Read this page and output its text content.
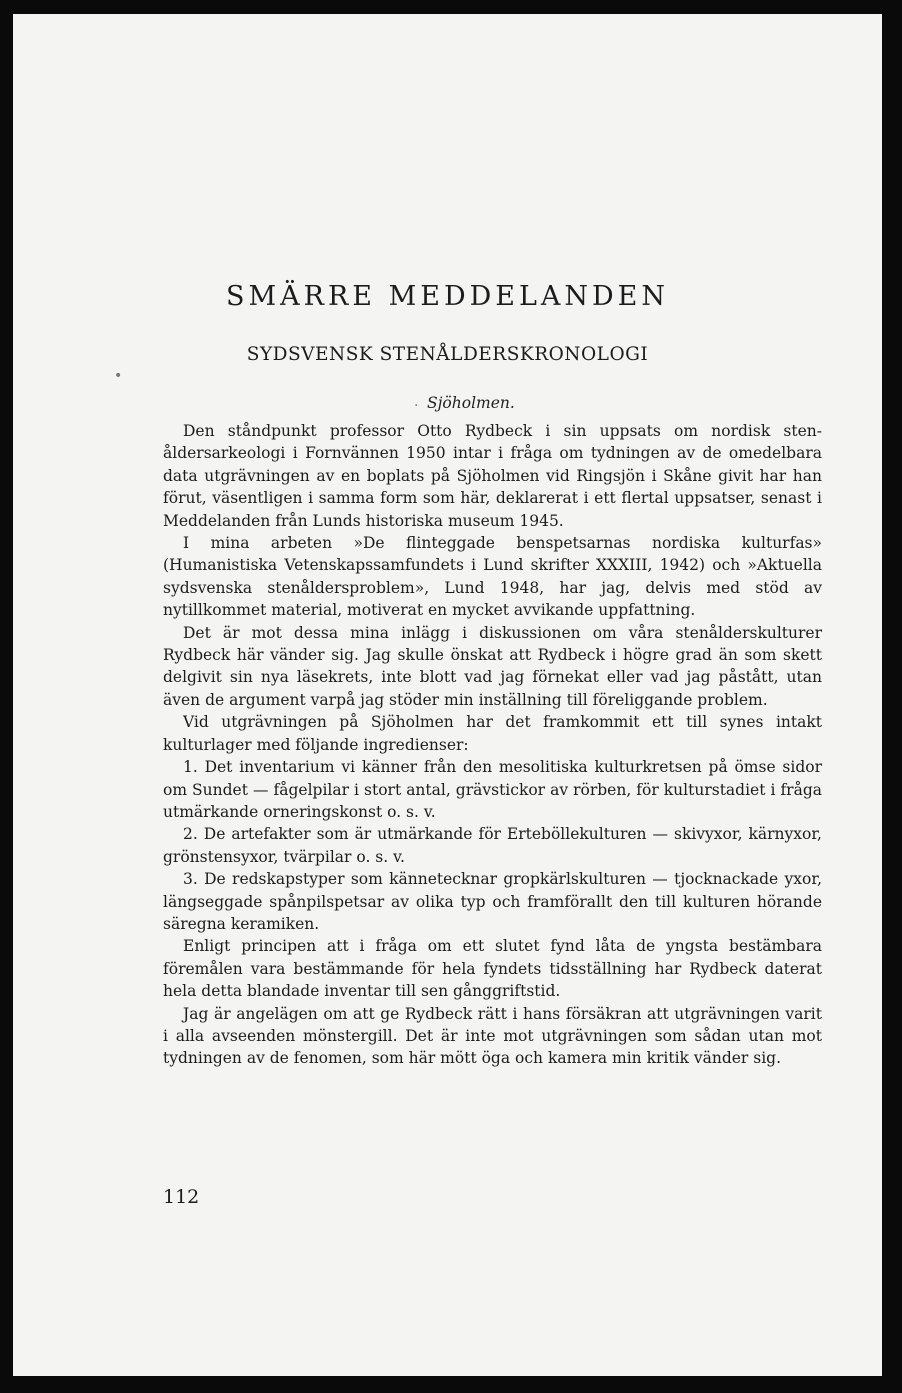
•
.
SMÄRRE MEDDELANDEN
SYDSVENSK STENÅLDERSKRONOLOGI
Sjöholmen.

Den ståndpunkt professor Otto Rydbeck i sin uppsats om nordisk stenåldersarkeologi i Fornvännen 1950 intar i fråga om tydningen av de omedelbara data utgrävningen av en boplats på Sjöholmen vid Ringsjön i Skåne givit har han förut, väsentligen i samma form som här, deklarerat i ett flertal uppsatser, senast i Meddelanden från Lunds historiska museum 1945.

I mina arbeten »De flinteggade benspetsarnas nordiska kulturfas» (Humanistiska Vetenskapssamfundets i Lund skrifter XXXIII, 1942) och »Aktuella sydsvenska stenåldersproblem», Lund 1948, har jag, delvis med stöd av nytillkommet material, motiverat en mycket avvikande uppfattning.

Det är mot dessa mina inlägg i diskussionen om våra stenålderskulturer Rydbeck här vänder sig. Jag skulle önskat att Rydbeck i högre grad än som skett delgivit sin nya läsekrets, inte blott vad jag förnekat eller vad jag påstått, utan även de argument varpå jag stöder min inställning till föreliggande problem.

Vid utgrävningen på Sjöholmen har det framkommit ett till synes intakt kulturlager med följande ingredienser:

1. Det inventarium vi känner från den mesolitiska kulturkretsen på ömse sidor om Sundet — fågelpilar i stort antal, grävstickor av rörben, för kulturstadiet i fråga utmärkande orneringskonst o. s. v.

2. De artefakter som är utmärkande för Erteböllekulturen — skivyxor, kärnyxor, grönstensyxor, tvärpilar o. s. v.

3. De redskapstyper som kännetecknar gropkärlskulturen — tjocknackade yxor, längseggade spånpilspetsar av olika typ och framförallt den till kulturen hörande säregna keramiken.

Enligt principen att i fråga om ett slutet fynd låta de yngsta bestämbara föremålen vara bestämmande för hela fyndets tidsställning har Rydbeck daterat hela detta blandade inventar till sen gånggriftstid.

Jag är angelägen om att ge Rydbeck rätt i hans försäkran att utgrävningen varit i alla avseenden mönstergill. Det är inte mot utgrävningen som sådan utan mot tydningen av de fenomen, som här mött öga och kamera min kritik vänder sig.

112
